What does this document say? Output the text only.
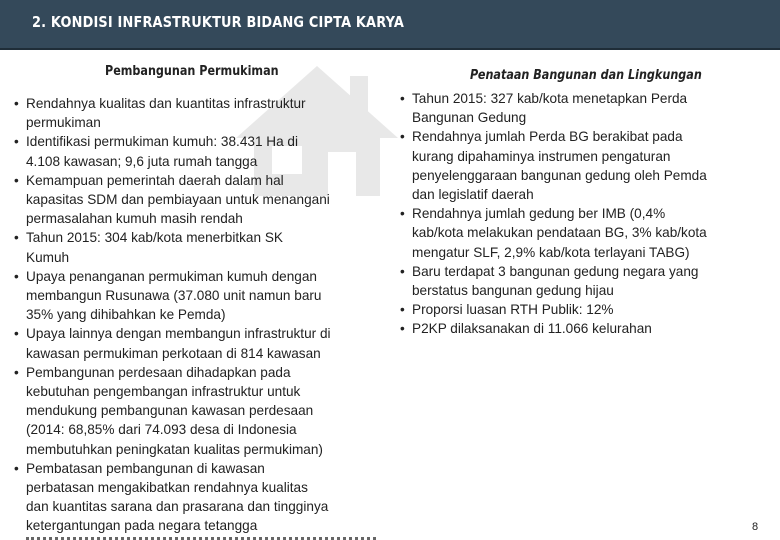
2. KONDISI INFRASTRUKTUR BIDANG CIPTA KARYA
Pembangunan Permukiman
• Rendahnya kualitas dan kuantitas infrastruktur
permukiman
• Identifikasi permukiman kumuh: 38.431 Ha di
4.108 kawasan; 9,6 juta rumah tangga
• Kemampuan pemerintah daerah dalam hal
kapasitas SDM dan pembiayaan untuk menangani
permasalahan kumuh masih rendah
• Tahun 2015: 304 kab/kota menerbitkan SK
Kumuh
• Upaya penanganan permukiman kumuh dengan
membangun Rusunawa (37.080 unit namun baru
35% yang dihibahkan ke Pemda)
• Upaya lainnya dengan membangun infrastruktur di
kawasan permukiman perkotaan di 814 kawasan
• Pembangunan perdesaan dihadapkan pada
kebutuhan pengembangan infrastruktur untuk
mendukung pembangunan kawasan perdesaan
(2014: 68,85% dari 74.093 desa di Indonesia
membutuhkan peningkatan kualitas permukiman)
• Pembatasan pembangunan di kawasan
perbatasan mengakibatkan rendahnya kualitas
dan kuantitas sarana dan prasarana dan tingginya
ketergantungan pada negara tetangga
Penataan Bangunan dan Lingkungan
• Tahun 2015: 327 kab/kota menetapkan Perda
Bangunan Gedung
• Rendahnya jumlah Perda BG berakibat pada
kurang dipahaminya instrumen pengaturan
penyelenggaraan bangunan gedung oleh Pemda
dan legislatif daerah
• Rendahnya jumlah gedung ber IMB (0,4%
kab/kota melakukan pendataan BG, 3% kab/kota
mengatur SLF, 2,9% kab/kota terlayani TABG)
• Baru terdapat 3 bangunan gedung negara yang
berstatus bangunan gedung hijau
• Proporsi luasan RTH Publik: 12%
• P2KP dilaksanakan di 11.066 kelurahan
8
